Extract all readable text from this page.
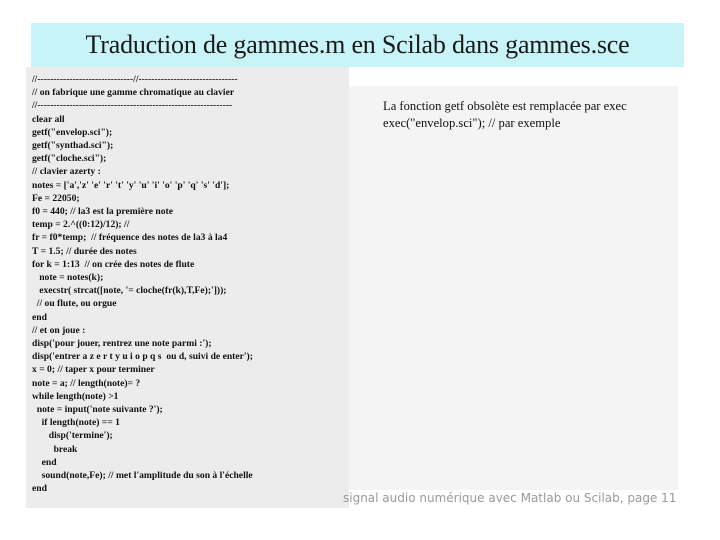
Traduction de gammes.m en Scilab dans gammes.sce
//------------------------------//-------------------------------
// on fabrique une gamme chromatique au clavier
//-------------------------------------------------------------
clear all
getf("envelop.sci");
getf("synthad.sci");
getf("cloche.sci");
// clavier azerty :
notes = ['a','z' 'e' 'r' 't' 'y' 'u' 'i' 'o' 'p' 'q' 's' 'd'];
Fe = 22050;
f0 = 440; // la3 est la première note
temp = 2.^((0:12)/12); //
fr = f0*temp;  // fréquence des notes de la3 à la4
T = 1.5; // durée des notes
for k = 1:13  // on crée des notes de flute
note = notes(k);
execstr( strcat([note, '= cloche(fr(k),T,Fe);']));
// ou flute, ou orgue
end
// et on joue :
disp('pour jouer, rentrez une note parmi :');
disp('entrer a z e r t y u i o p q s  ou d, suivi de enter');
x = 0; // taper x pour terminer
note = a; // length(note)= ?
while length(note) >1
note = input('note suivante ?');
if length(note) == 1
disp('termine');
break
end
sound(note,Fe); // met l'amplitude du son à l'échelle
end
La fonction getf obsolète est remplacée par exec
exec("envelop.sci"); // par exemple
signal audio numérique avec Matlab ou Scilab, page 11
